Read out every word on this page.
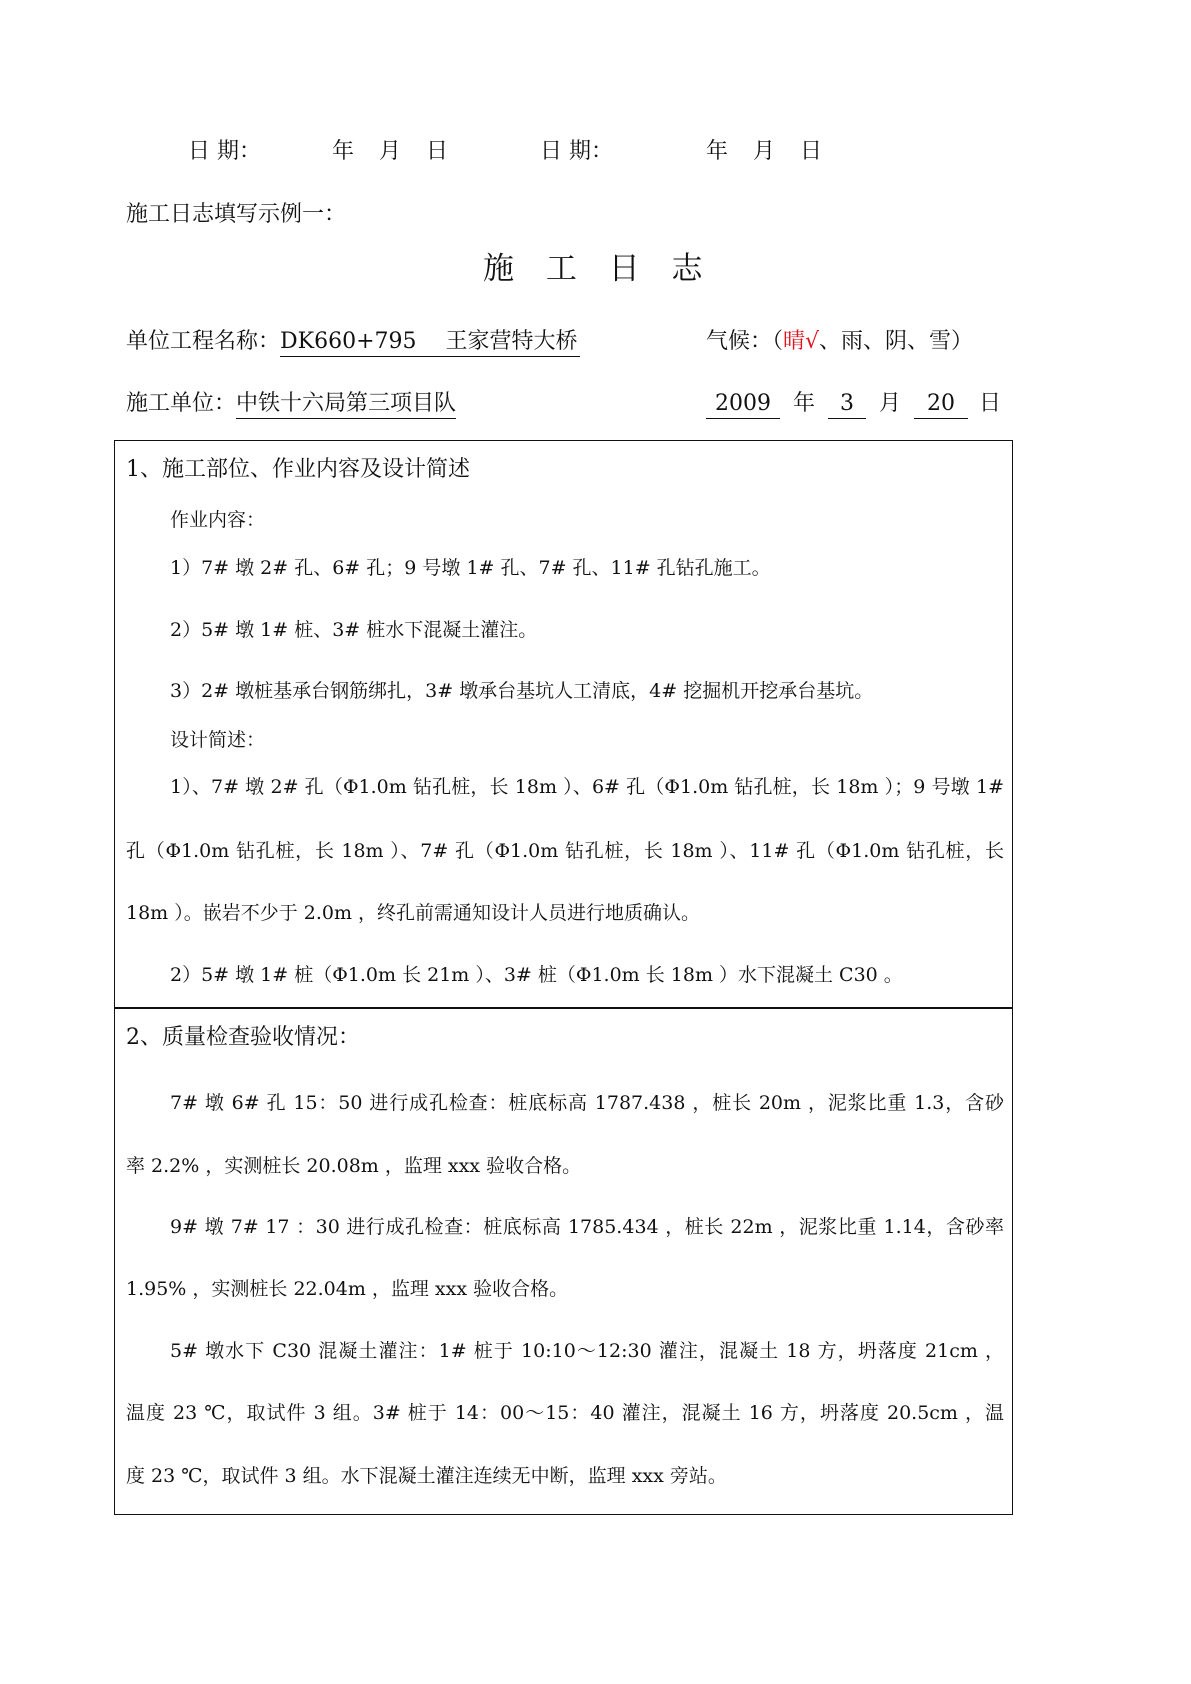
日 期：	年 月 日	日 期：	年 月 日
施工日志填写示例一：
施 工 日 志
单位工程名称：DK660+795　 王家营特大桥	气候：（晴√、雨、阴、雪）
施工单位：中铁十六局第三项目队	2009 年 3 月 20 日
1、施工部位、作业内容及设计简述
作业内容：
1）7# 墩 2# 孔、6# 孔；9 号墩 1# 孔、7# 孔、11# 孔钻孔施工。
2）5# 墩 1# 桩、3# 桩水下混凝土灌注。
3）2# 墩桩基承台钢筋绑扎，3# 墩承台基坑人工清底，4# 挖掘机开挖承台基坑。
设计简述：
1）、7# 墩 2# 孔（Φ1.0m 钻孔桩，长 18m ）、6# 孔（Φ1.0m 钻孔桩，长 18m ）；9 号墩 1#
孔（Φ1.0m 钻孔桩，长 18m ）、7# 孔（Φ1.0m 钻孔桩，长 18m ）、11# 孔（Φ1.0m 钻孔桩，长
18m ）。嵌岩不少于 2.0m ，终孔前需通知设计人员进行地质确认。
2）5# 墩 1# 桩（Φ1.0m 长 21m ）、3# 桩（Φ1.0m 长 18m ）水下混凝土 C30 。
2、质量检查验收情况：
7# 墩 6# 孔 15：50 进行成孔检查：桩底标高 1787.438 ，桩长 20m ，泥浆比重 1.3，含砂
率 2.2% ，实测桩长 20.08m ，监理 xxx 验收合格。
9# 墩 7# 17 ：30 进行成孔检查：桩底标高 1785.434 ，桩长 22m ，泥浆比重 1.14，含砂率
1.95% ，实测桩长 22.04m ，监理 xxx 验收合格。
5# 墩水下 C30 混凝土灌注：1# 桩于 10:10～12:30 灌注，混凝土 18 方，坍落度 21cm ，
温度 23 ℃，取试件 3 组。3# 桩于 14：00～15：40 灌注，混凝土 16 方，坍落度 20.5cm ，温
度 23 ℃，取试件 3 组。水下混凝土灌注连续无中断，监理 xxx 旁站。
